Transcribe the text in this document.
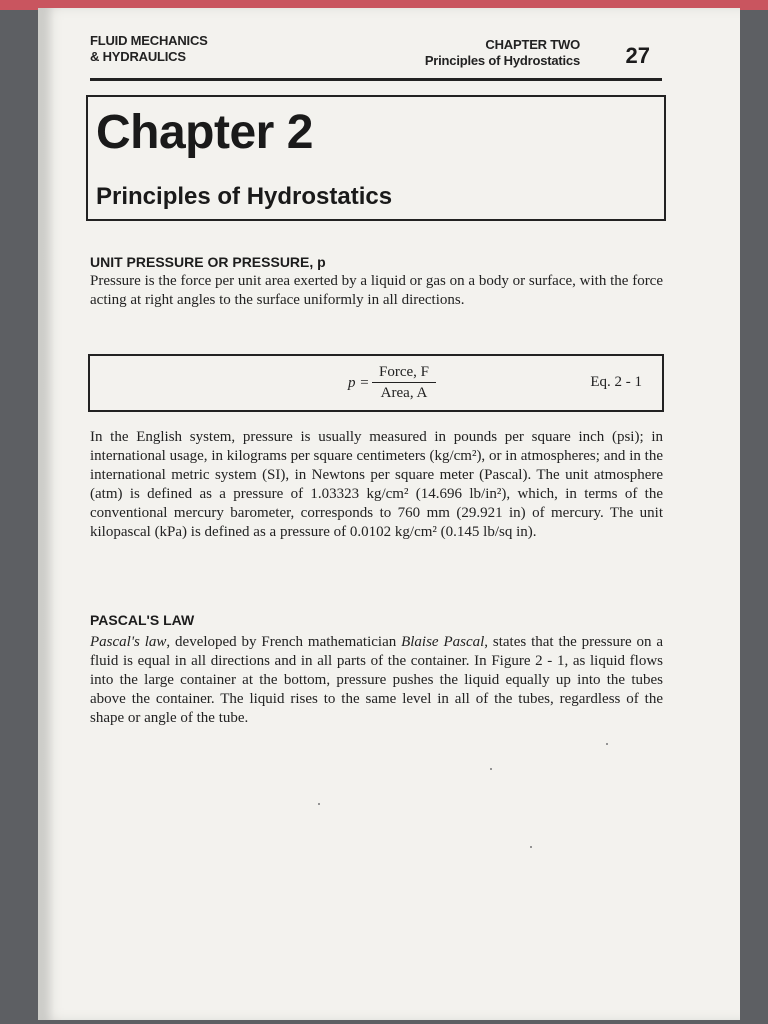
FLUID MECHANICS
& HYDRAULICS
CHAPTER TWO
Principles of Hydrostatics 27
Chapter 2
Principles of Hydrostatics
UNIT PRESSURE OR PRESSURE, p
Pressure is the force per unit area exerted by a liquid or gas on a body or surface, with the force acting at right angles to the surface uniformly in all directions.
p =
Force, F
Area, A
Eq. 2 - 1
In the English system, pressure is usually measured in pounds per square inch (psi); in international usage, in kilograms per square centimeters (kg/cm²), or in atmospheres; and in the international metric system (SI), in Newtons per square meter (Pascal). The unit atmosphere (atm) is defined as a pressure of 1.03323 kg/cm² (14.696 lb/in²), which, in terms of the conventional mercury barometer, corresponds to 760 mm (29.921 in) of mercury. The unit kilopascal (kPa) is defined as a pressure of 0.0102 kg/cm² (0.145 lb/sq in).
PASCAL'S LAW
Pascal's law, developed by French mathematician Blaise Pascal, states that the pressure on a fluid is equal in all directions and in all parts of the container. In Figure 2 - 1, as liquid flows into the large container at the bottom, pressure pushes the liquid equally up into the tubes above the container. The liquid rises to the same level in all of the tubes, regardless of the shape or angle of the tube.
